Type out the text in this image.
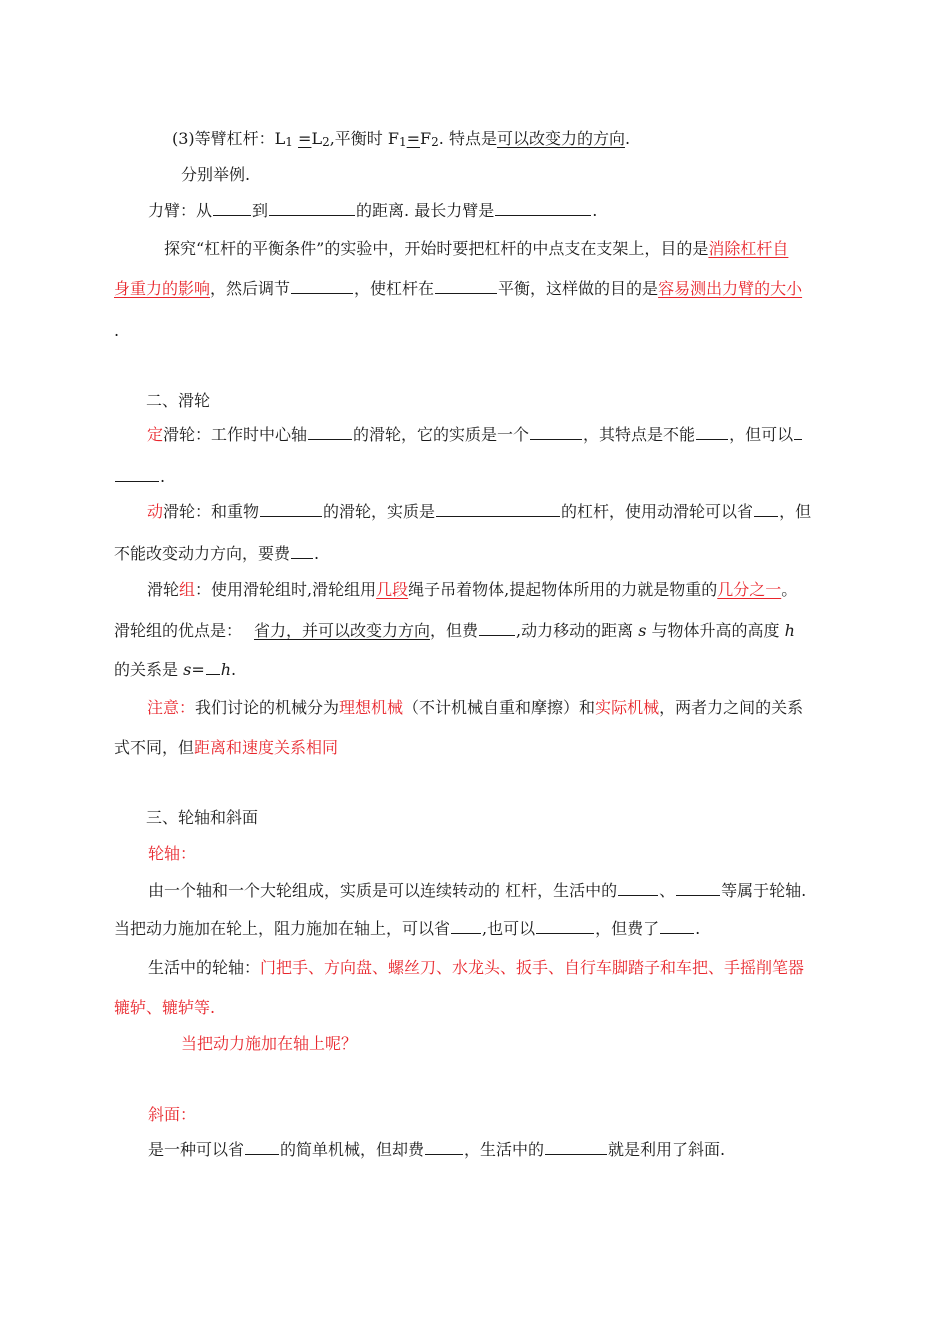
(3)等臂杠杆：L1 =L2,平衡时 F1=F2. 特点是可以改变力的方向.
分别举例.
力臂：从	到	的距离. 最长力臂是	.
探究“杠杆的平衡条件”的实验中，开始时要把杠杆的中点支在支架上，目的是消除杠杆自
身重力的影响，然后调节	，使杠杆在	平衡，这样做的目的是容易测出力臂的大小
.
二、滑轮
定滑轮：工作时中心轴	的滑轮，它的实质是一个	，其特点是不能 ，但可以
.
动滑轮：和重物	的滑轮，实质是	的杠杆，使用动滑轮可以省 ，但
不能改变动力方向，要费 .
滑轮组：使用滑轮组时,滑轮组用几段绳子吊着物体,提起物体所用的力就是物重的几分之一。
滑轮组的优点是： 省力，并可以改变力方向，但费 ,动力移动的距离 s 与物体升高的高度 h
的关系是 s= h.
注意：我们讨论的机械分为理想机械（不计机械自重和摩擦）和实际机械，两者力之间的关系
式不同，但距离和速度关系相同
三、轮轴和斜面
轮轴：
由一个轴和一个大轮组成，实质是可以连续转动的 杠杆，生活中的	、	等属于轮轴.
当把动力施加在轮上，阻力施加在轴上，可以省 ,也可以	，但费了 .
生活中的轮轴：门把手、方向盘、螺丝刀、水龙头、扳手、自行车脚踏子和车把、手摇削笔器
辘轳、辘轳等.
当把动力施加在轴上呢？
斜面：
是一种可以省 的简单机械，但却费	，生活中的	就是利用了斜面.
